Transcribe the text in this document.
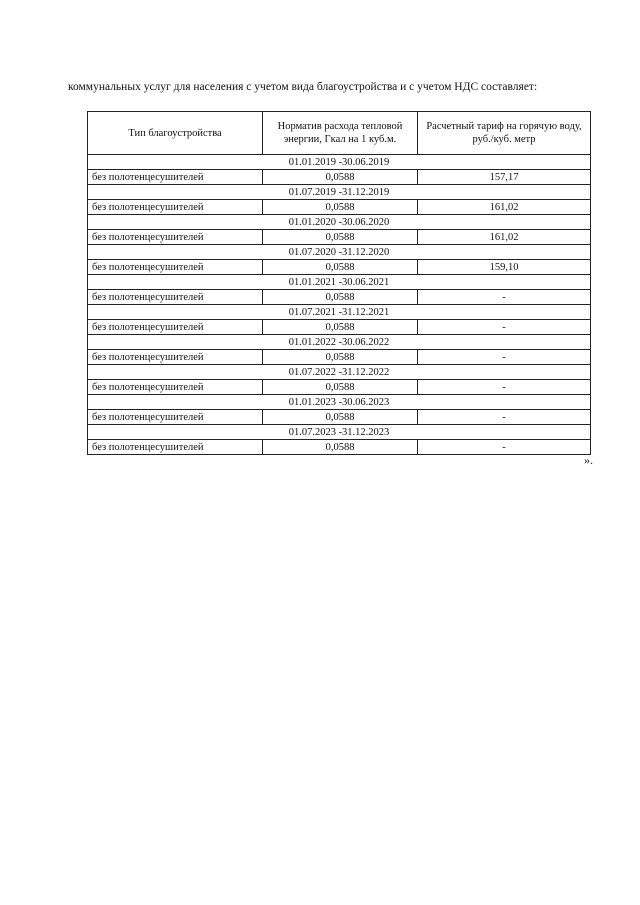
коммунальных услуг для населения с учетом вида благоустройства и с учетом НДС составляет:

Тип благоустройства	Норматив расхода тепловой энергии, Гкал на 1 куб.м.	Расчетный тариф на горячую воду, руб./куб. метр
01.01.2019 -30.06.2019		
без полотенцесушителей	0,0588	157,17
01.07.2019 -31.12.2019		
без полотенцесушителей	0,0588	161,02
01.01.2020 -30.06.2020		
без полотенцесушителей	0,0588	161,02
01.07.2020 -31.12.2020		
без полотенцесушителей	0,0588	159,10
01.01.2021 -30.06.2021		
без полотенцесушителей	0,0588	-
01.07.2021 -31.12.2021		
без полотенцесушителей	0,0588	-
01.01.2022 -30.06.2022		
без полотенцесушителей	0,0588	-
01.07.2022 -31.12.2022		
без полотенцесушителей	0,0588	-
01.01.2023 -30.06.2023		
без полотенцесушителей	0,0588	-
01.07.2023 -31.12.2023		
без полотенцесушителей	0,0588	-
».
